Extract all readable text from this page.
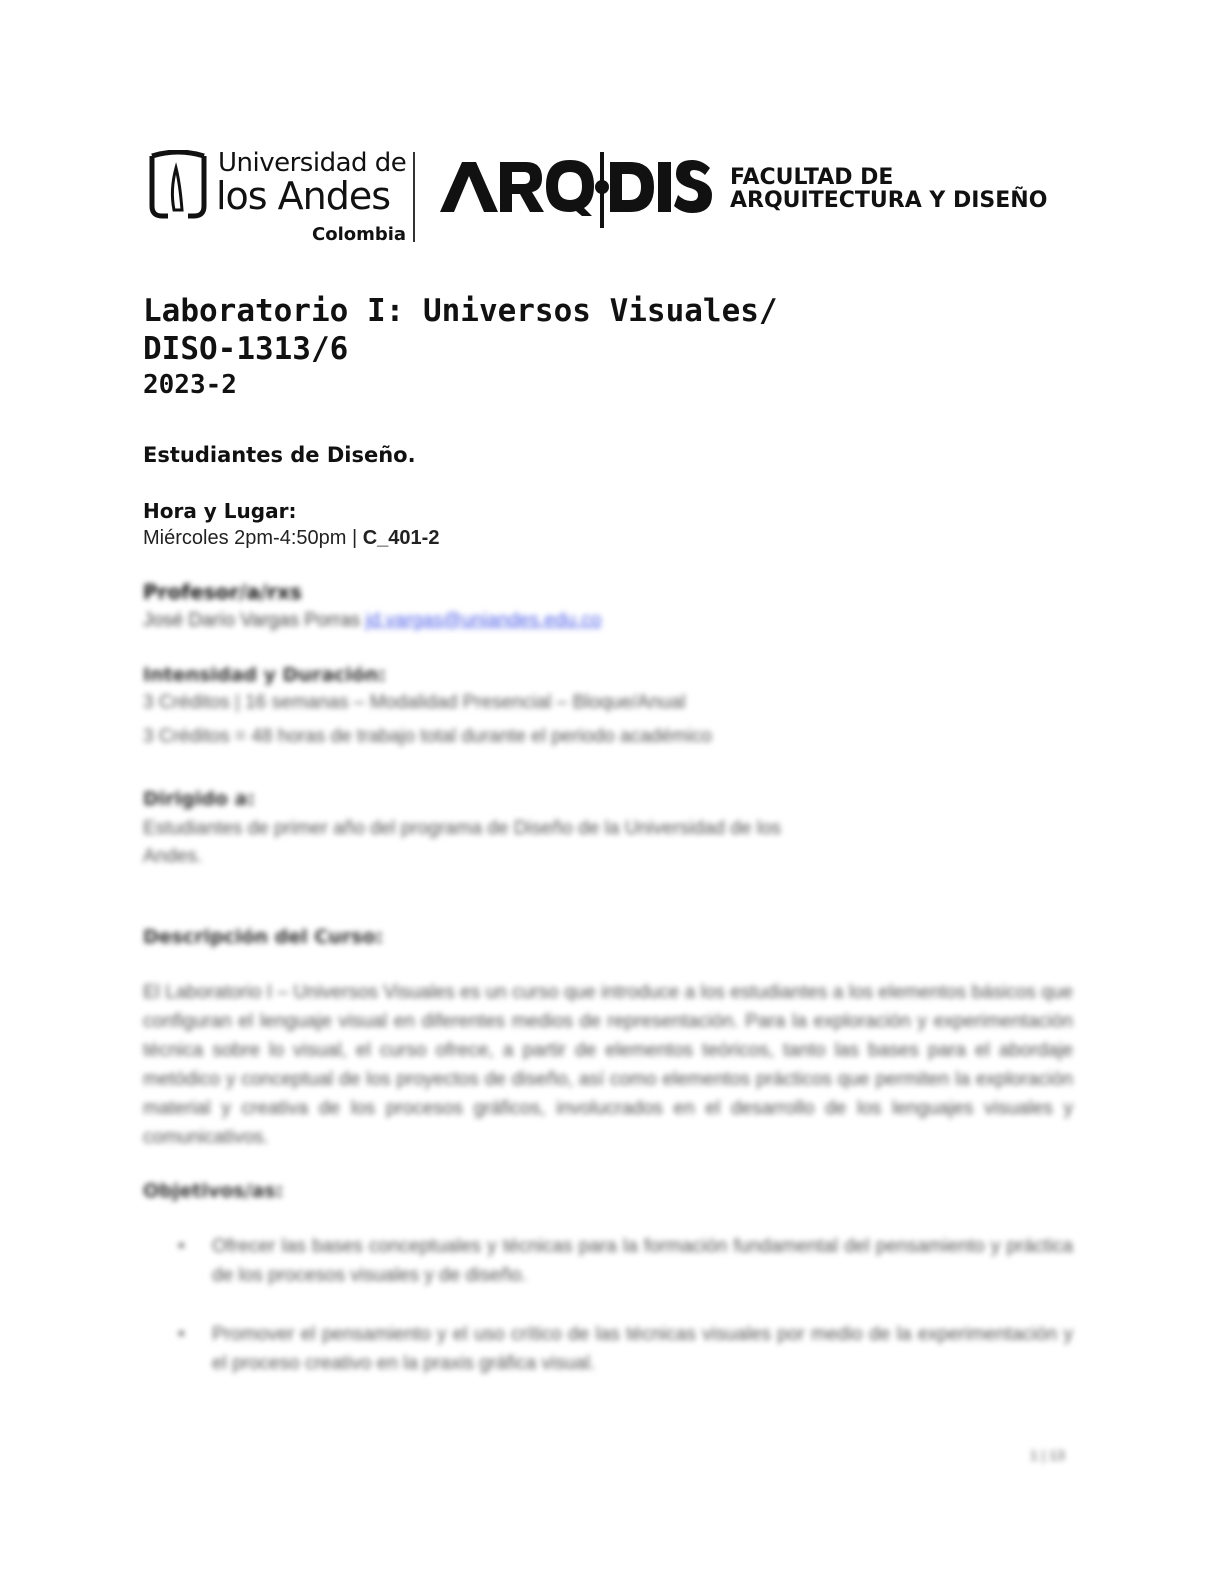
Universidad de
los Andes
Colombia
FACULTAD DE
ARQUITECTURA Y DISEÑO
Laboratorio I: Universos Visuales/
DISO-1313/6
2023-2
Estudiantes de Diseño.
Hora y Lugar:
Miércoles 2pm-4:50pm | C_401-2
Profesor/a/rxs
José Darío Vargas Porras jd.vargas@uniandes.edu.co
Intensidad y Duración:
3 Créditos | 16 semanas – Modalidad Presencial – Bloque/Anual
3 Créditos = 48 horas de trabajo total durante el periodo académico
Dirigido a:
Estudiantes de primer año del programa de Diseño de la Universidad de los Andes.
Descripción del Curso:
El Laboratorio I – Universos Visuales es un curso que introduce a los estudiantes a los elementos básicos que configuran el lenguaje visual en diferentes medios de representación. Para la exploración y experimentación técnica sobre lo visual, el curso ofrece, a partir de elementos teóricos, tanto las bases para el abordaje metódico y conceptual de los proyectos de diseño, así como elementos prácticos que permiten la exploración material y creativa de los procesos gráficos, involucrados en el desarrollo de los lenguajes visuales y comunicativos.
Objetivos/as:
• Ofrecer las bases conceptuales y técnicas para la formación fundamental del pensamiento y práctica de los procesos visuales y de diseño.
• Promover el pensamiento y el uso crítico de las técnicas visuales por medio de la experimentación y el proceso creativo en la praxis gráfica visual.
1 | 13
